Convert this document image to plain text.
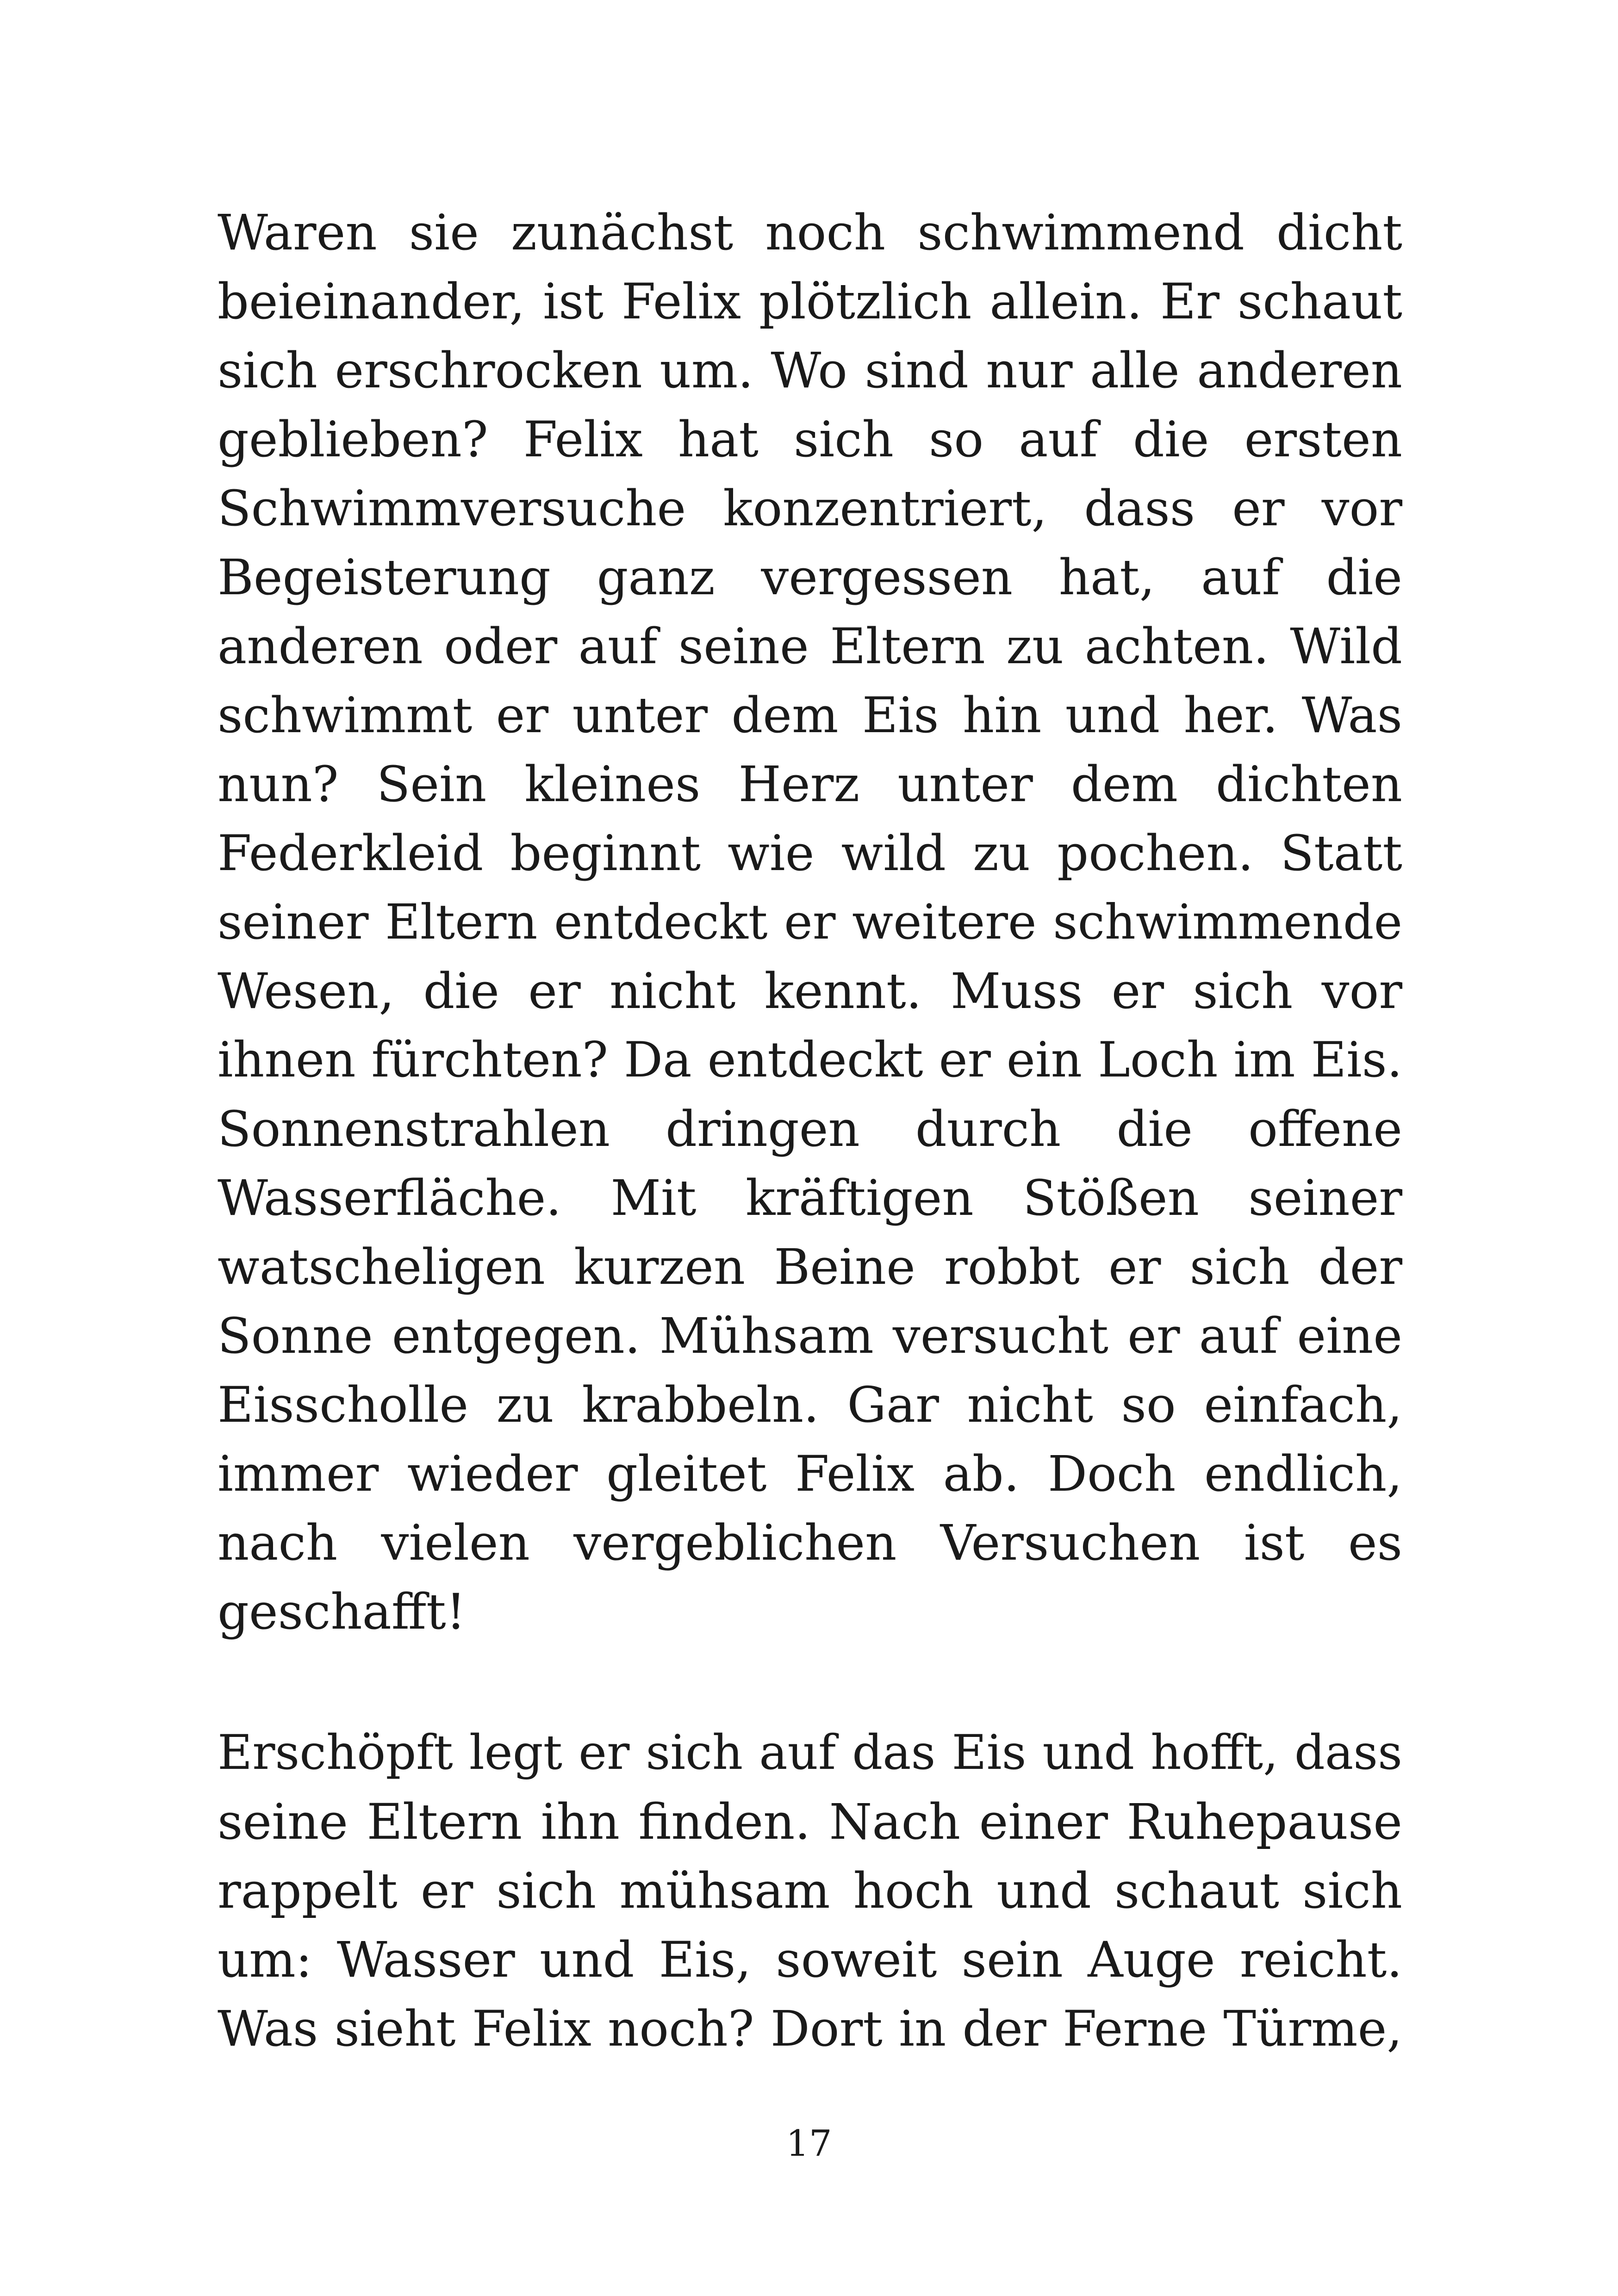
Waren sie zunächst noch schwimmend dicht
beieinander, ist Felix plötzlich allein. Er schaut
sich erschrocken um. Wo sind nur alle anderen
geblieben? Felix hat sich so auf die ersten
Schwimmversuche konzentriert, dass er vor
Begeisterung ganz vergessen hat, auf die
anderen oder auf seine Eltern zu achten. Wild
schwimmt er unter dem Eis hin und her. Was
nun? Sein kleines Herz unter dem dichten
Federkleid beginnt wie wild zu pochen. Statt
seiner Eltern entdeckt er weitere schwimmende
Wesen, die er nicht kennt. Muss er sich vor
ihnen fürchten? Da entdeckt er ein Loch im Eis.
Sonnenstrahlen dringen durch die offene
Wasserfläche. Mit kräftigen Stößen seiner
watscheligen kurzen Beine robbt er sich der
Sonne entgegen. Mühsam versucht er auf eine
Eisscholle zu krabbeln. Gar nicht so einfach,
immer wieder gleitet Felix ab. Doch endlich,
nach vielen vergeblichen Versuchen ist es
geschafft!
Erschöpft legt er sich auf das Eis und hofft, dass
seine Eltern ihn finden. Nach einer Ruhepause
rappelt er sich mühsam hoch und schaut sich
um: Wasser und Eis, soweit sein Auge reicht.
Was sieht Felix noch? Dort in der Ferne Türme,
17
